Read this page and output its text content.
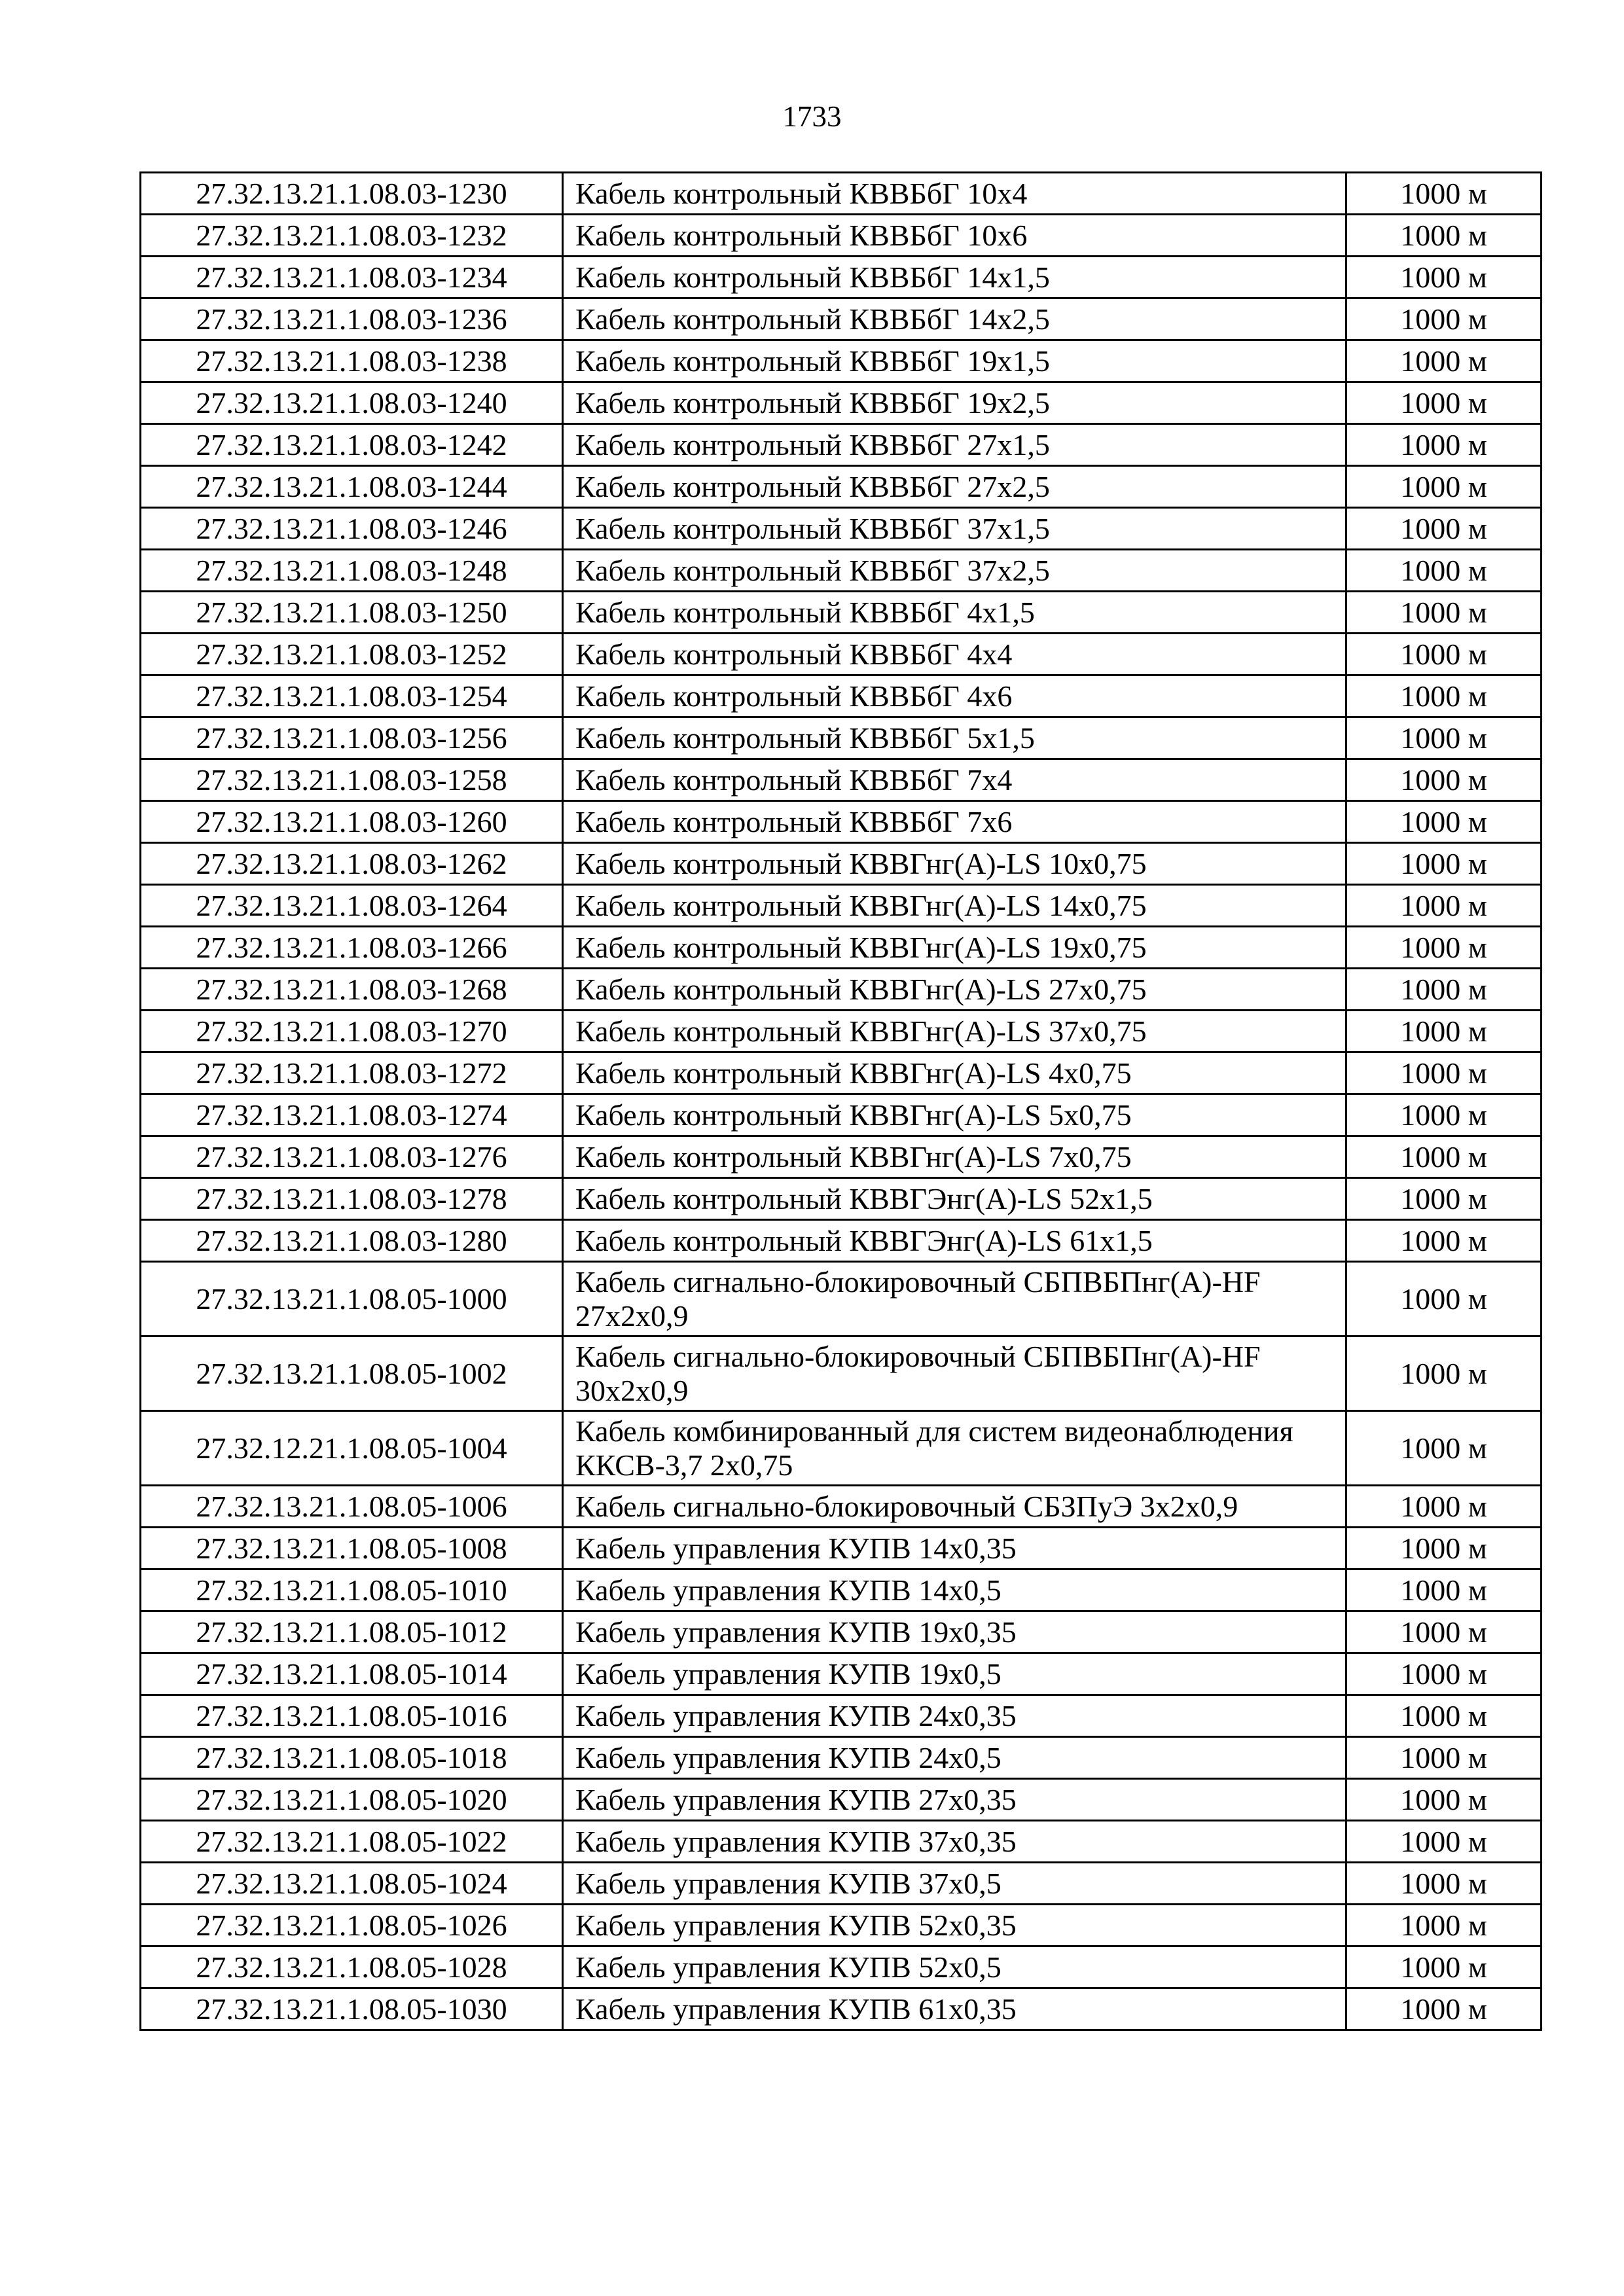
1733
27.32.13.21.1.08.03-1230	Кабель контрольный КВВБбГ 10х4	1000 м
27.32.13.21.1.08.03-1232	Кабель контрольный КВВБбГ 10х6	1000 м
27.32.13.21.1.08.03-1234	Кабель контрольный КВВБбГ 14х1,5	1000 м
27.32.13.21.1.08.03-1236	Кабель контрольный КВВБбГ 14х2,5	1000 м
27.32.13.21.1.08.03-1238	Кабель контрольный КВВБбГ 19х1,5	1000 м
27.32.13.21.1.08.03-1240	Кабель контрольный КВВБбГ 19х2,5	1000 м
27.32.13.21.1.08.03-1242	Кабель контрольный КВВБбГ 27х1,5	1000 м
27.32.13.21.1.08.03-1244	Кабель контрольный КВВБбГ 27х2,5	1000 м
27.32.13.21.1.08.03-1246	Кабель контрольный КВВБбГ 37х1,5	1000 м
27.32.13.21.1.08.03-1248	Кабель контрольный КВВБбГ 37х2,5	1000 м
27.32.13.21.1.08.03-1250	Кабель контрольный КВВБбГ 4х1,5	1000 м
27.32.13.21.1.08.03-1252	Кабель контрольный КВВБбГ 4х4	1000 м
27.32.13.21.1.08.03-1254	Кабель контрольный КВВБбГ 4х6	1000 м
27.32.13.21.1.08.03-1256	Кабель контрольный КВВБбГ 5х1,5	1000 м
27.32.13.21.1.08.03-1258	Кабель контрольный КВВБбГ 7х4	1000 м
27.32.13.21.1.08.03-1260	Кабель контрольный КВВБбГ 7х6	1000 м
27.32.13.21.1.08.03-1262	Кабель контрольный КВВГнг(А)-LS 10х0,75	1000 м
27.32.13.21.1.08.03-1264	Кабель контрольный КВВГнг(А)-LS 14х0,75	1000 м
27.32.13.21.1.08.03-1266	Кабель контрольный КВВГнг(А)-LS 19х0,75	1000 м
27.32.13.21.1.08.03-1268	Кабель контрольный КВВГнг(А)-LS 27х0,75	1000 м
27.32.13.21.1.08.03-1270	Кабель контрольный КВВГнг(А)-LS 37х0,75	1000 м
27.32.13.21.1.08.03-1272	Кабель контрольный КВВГнг(А)-LS 4х0,75	1000 м
27.32.13.21.1.08.03-1274	Кабель контрольный КВВГнг(А)-LS 5х0,75	1000 м
27.32.13.21.1.08.03-1276	Кабель контрольный КВВГнг(А)-LS 7х0,75	1000 м
27.32.13.21.1.08.03-1278	Кабель контрольный КВВГЭнг(А)-LS 52х1,5	1000 м
27.32.13.21.1.08.03-1280	Кабель контрольный КВВГЭнг(А)-LS 61х1,5	1000 м
27.32.13.21.1.08.05-1000	Кабель сигнально-блокировочный СБПВБПнг(А)-HF 27х2х0,9	1000 м
27.32.13.21.1.08.05-1002	Кабель сигнально-блокировочный СБПВБПнг(А)-HF 30х2х0,9	1000 м
27.32.12.21.1.08.05-1004	Кабель комбинированный для систем видеонаблюдения ККСВ-3,7 2х0,75	1000 м
27.32.13.21.1.08.05-1006	Кабель сигнально-блокировочный СБЗПуЭ 3х2х0,9	1000 м
27.32.13.21.1.08.05-1008	Кабель управления КУПВ 14х0,35	1000 м
27.32.13.21.1.08.05-1010	Кабель управления КУПВ 14х0,5	1000 м
27.32.13.21.1.08.05-1012	Кабель управления КУПВ 19х0,35	1000 м
27.32.13.21.1.08.05-1014	Кабель управления КУПВ 19х0,5	1000 м
27.32.13.21.1.08.05-1016	Кабель управления КУПВ 24х0,35	1000 м
27.32.13.21.1.08.05-1018	Кабель управления КУПВ 24х0,5	1000 м
27.32.13.21.1.08.05-1020	Кабель управления КУПВ 27х0,35	1000 м
27.32.13.21.1.08.05-1022	Кабель управления КУПВ 37х0,35	1000 м
27.32.13.21.1.08.05-1024	Кабель управления КУПВ 37х0,5	1000 м
27.32.13.21.1.08.05-1026	Кабель управления КУПВ 52х0,35	1000 м
27.32.13.21.1.08.05-1028	Кабель управления КУПВ 52х0,5	1000 м
27.32.13.21.1.08.05-1030	Кабель управления КУПВ 61х0,35	1000 м
